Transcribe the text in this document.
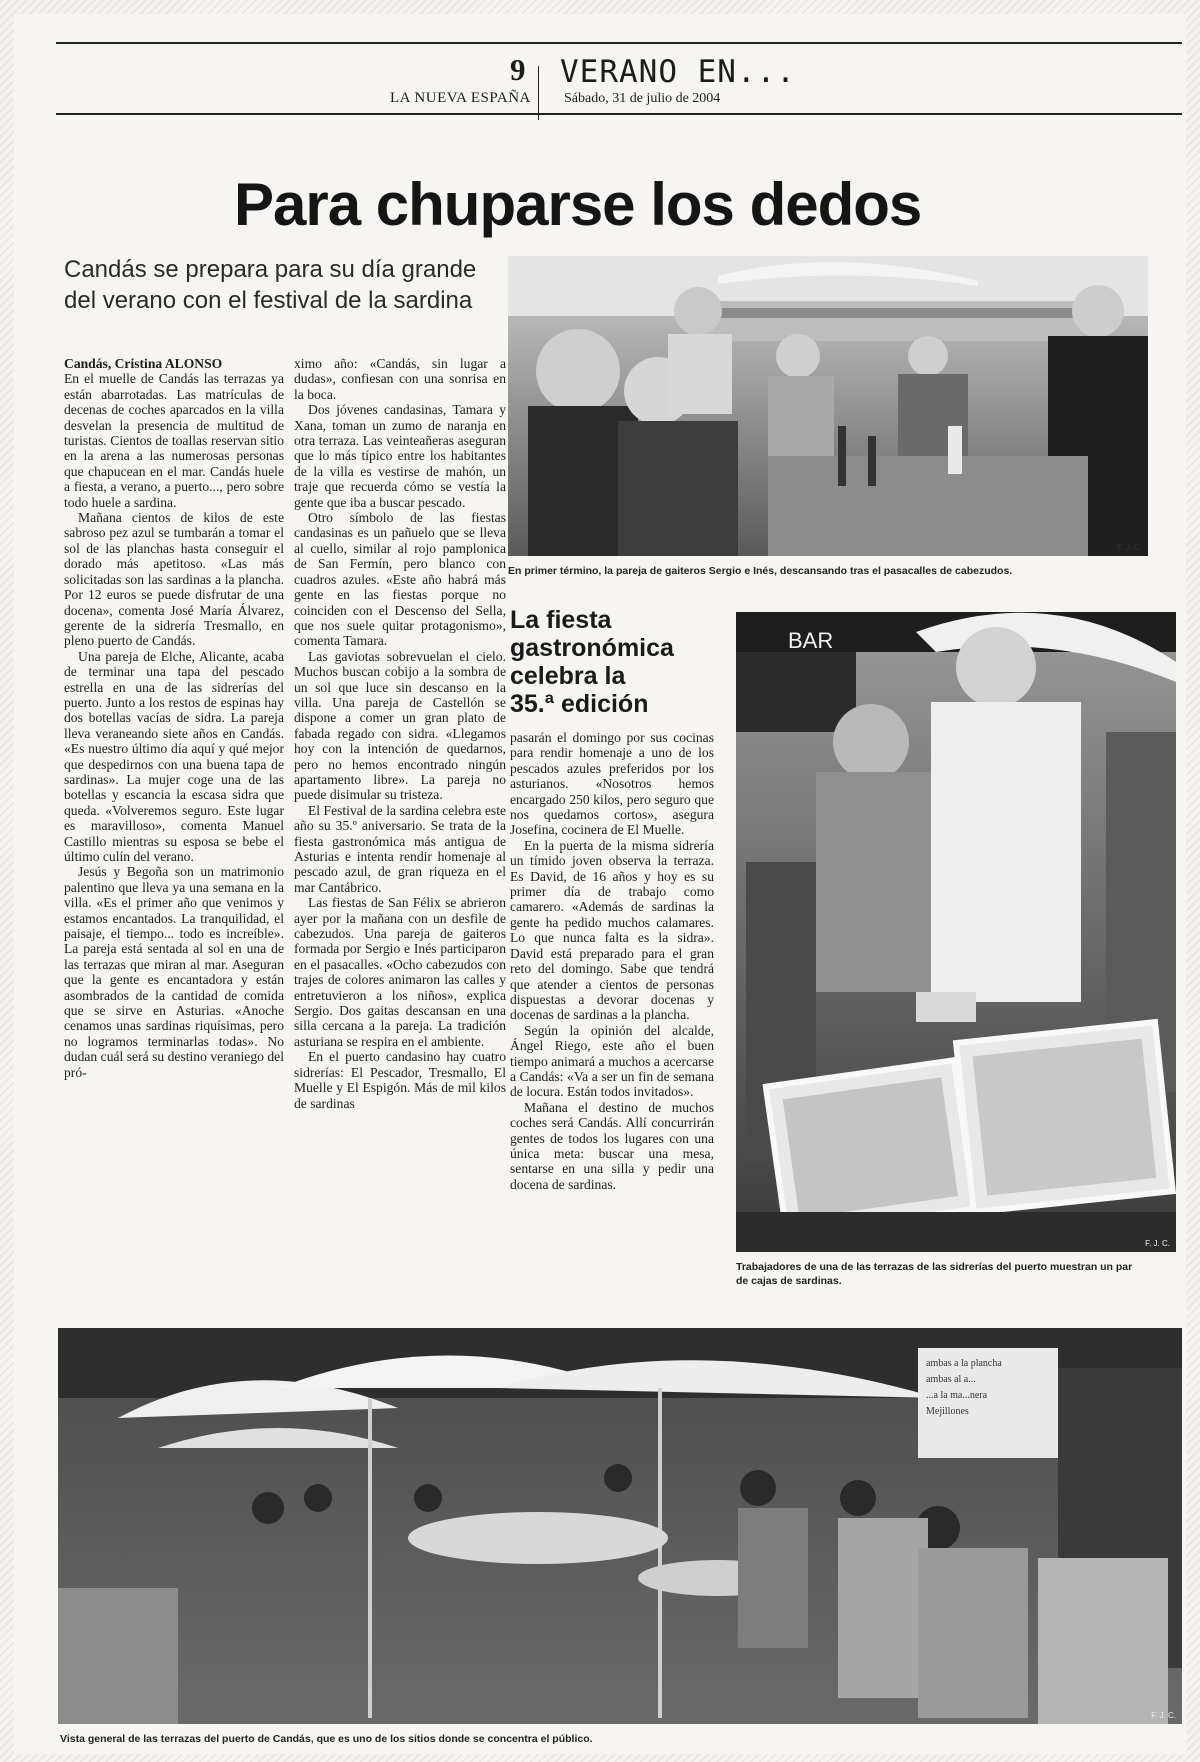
9
LA NUEVA ESPAÑA
VERANO EN...
Sábado, 31 de julio de 2004
Para chuparse los dedos
Candás se prepara para su día grande
del verano con el festival de la sardina

Candás, Cristina ALONSO
En el muelle de Candás las terrazas ya están abarrotadas. Las matrículas de decenas de coches aparcados en la villa desvelan la presencia de multitud de turistas. Cientos de toallas reservan sitio en la arena a las numerosas personas que chapucean en el mar. Candás huele a fiesta, a verano, a puerto..., pero sobre todo huele a sardina.

Mañana cientos de kilos de este sabroso pez azul se tumbarán a tomar el sol de las planchas hasta conseguir el dorado más apetitoso. «Las más solicitadas son las sardinas a la plancha. Por 12 euros se puede disfrutar de una docena», comenta José María Álvarez, gerente de la sidrería Tresmallo, en pleno puerto de Candás.

Una pareja de Elche, Alicante, acaba de terminar una tapa del pescado estrella en una de las sidrerías del puerto. Junto a los restos de espinas hay dos botellas vacías de sidra. La pareja lleva veraneando siete años en Candás. «Es nuestro último día aquí y qué mejor que despedirnos con una buena tapa de sardinas». La mujer coge una de las botellas y escancia la escasa sidra que queda. «Volveremos seguro. Este lugar es maravilloso», comenta Manuel Castillo mientras su esposa se bebe el último culín del verano.

Jesús y Begoña son un matrimonio palentino que lleva ya una semana en la villa. «Es el primer año que venimos y estamos encantados. La tranquilidad, el paisaje, el tiempo... todo es increíble». La pareja está sentada al sol en una de las terrazas que miran al mar. Aseguran que la gente es encantadora y están asombrados de la cantidad de comida que se sirve en Asturias. «Anoche cenamos unas sardinas riquísimas, pero no logramos terminarlas todas». No dudan cuál será su destino veraniego del pró-

ximo año: «Candás, sin lugar a dudas», confiesan con una sonrisa en la boca.

Dos jóvenes candasinas, Tamara y Xana, toman un zumo de naranja en otra terraza. Las veinteañeras aseguran que lo más típico entre los habitantes de la villa es vestirse de mahón, un traje que recuerda cómo se vestía la gente que iba a buscar pescado.

Otro símbolo de las fiestas candasinas es un pañuelo que se lleva al cuello, similar al rojo pamplonica de San Fermín, pero blanco con cuadros azules. «Este año habrá más gente en las fiestas porque no coinciden con el Descenso del Sella, que nos suele quitar protagonismo», comenta Tamara.

Las gaviotas sobrevuelan el cielo. Muchos buscan cobijo a la sombra de un sol que luce sin descanso en la villa. Una pareja de Castellón se dispone a comer un gran plato de fabada regado con sidra. «Llegamos hoy con la intención de quedarnos, pero no hemos encontrado ningún apartamento libre». La pareja no puede disimular su tristeza.

El Festival de la sardina celebra este año su 35.º aniversario. Se trata de la fiesta gastronómica más antigua de Asturias e intenta rendir homenaje al pescado azul, de gran riqueza en el mar Cantábrico.

Las fiestas de San Félix se abrieron ayer por la mañana con un desfile de cabezudos. Una pareja de gaiteros formada por Sergio e Inés participaron en el pasacalles. «Ocho cabezudos con trajes de colores animaron las calles y entretuvieron a los niños», explica Sergio. Dos gaitas descansan en una silla cercana a la pareja. La tradición asturiana se respira en el ambiente.

En el puerto candasino hay cuatro sidrerías: El Pescador, Tresmallo, El Muelle y El Espigón. Más de mil kilos de sardinas

F. J. C.
En primer término, la pareja de gaiteros Sergio e Inés, descansando tras el pasacalles de cabezudos.
La fiesta
gastronómica
celebra la
35.ª edición

pasarán el domingo por sus cocinas para rendir homenaje a uno de los pescados azules preferidos por los asturianos. «Nosotros hemos encargado 250 kilos, pero seguro que nos quedamos cortos», asegura Josefina, cocinera de El Muelle.

En la puerta de la misma sidrería un tímido joven observa la terraza. Es David, de 16 años y hoy es su primer día de trabajo como camarero. «Además de sardinas la gente ha pedido muchos calamares. Lo que nunca falta es la sidra». David está preparado para el gran reto del domingo. Sabe que tendrá que atender a cientos de personas dispuestas a devorar docenas y docenas de sardinas a la plancha.

Según la opinión del alcalde, Ángel Riego, este año el buen tiempo animará a muchos a acercarse a Candás: «Va a ser un fin de semana de locura. Están todos invitados».

Mañana el destino de muchos coches será Candás. Allí concurrirán gentes de todos los lugares con una única meta: buscar una mesa, sentarse en una silla y pedir una docena de sardinas.

BAR
F. J. C.
Trabajadores de una de las terrazas de las sidrerías del puerto muestran un par
de cajas de sardinas.
ambas a la plancha
ambas al a...
...a la ma...nera
Mejillones
F. J. C.
Vista general de las terrazas del puerto de Candás, que es uno de los sitios donde se concentra el público.
